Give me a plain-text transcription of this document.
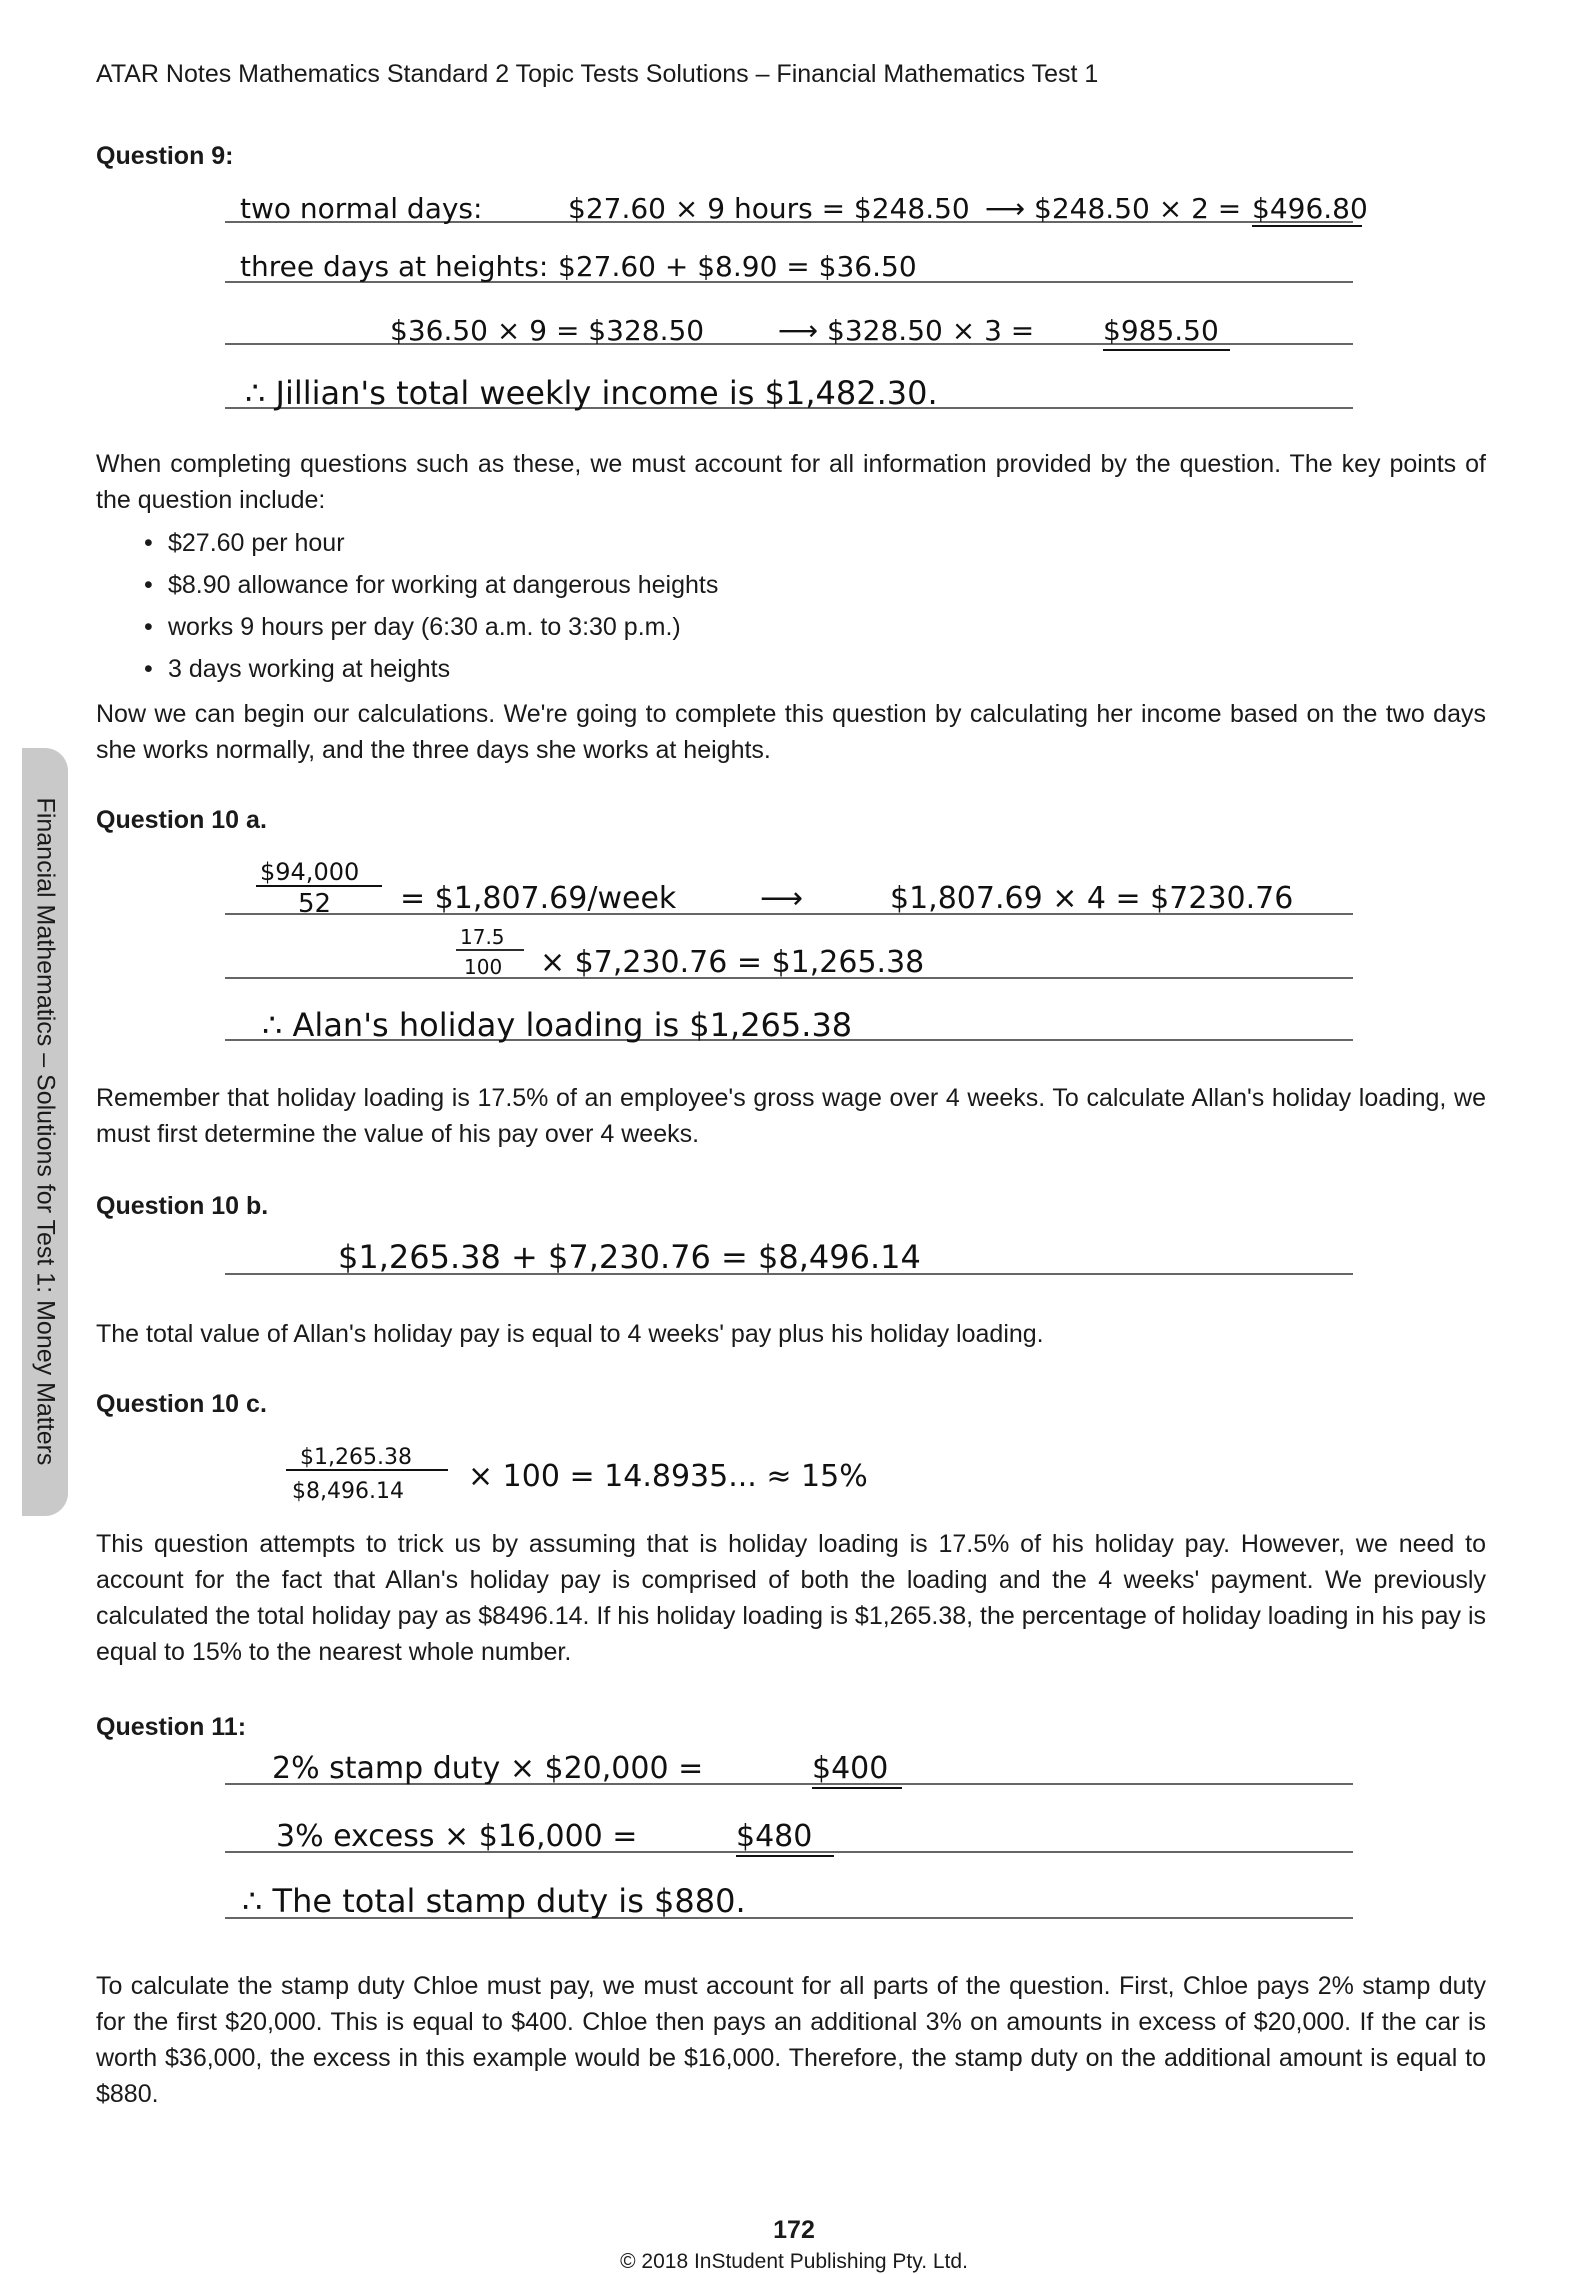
ATAR Notes Mathematics Standard 2 Topic Tests Solutions – Financial Mathematics Test 1
Financial Mathematics – Solutions for Test 1: Money Matters
Question 9:
two normal days:	$27.60 × 9 hours = $248.50 ⟶ $248.50 × 2 = $496.80
three days at heights: $27.60 + $8.90 = $36.50
$36.50 × 9 = $328.50	⟶ $328.50 × 3 = $985.50
∴ Jillian's total weekly income is $1,482.30.
When completing questions such as these, we must account for all information provided by the question. The key points of the question include:
• $27.60 per hour
• $8.90 allowance for working at dangerous heights
• works 9 hours per day (6:30 a.m. to 3:30 p.m.)
• 3 days working at heights
Now we can begin our calculations. We're going to complete this question by calculating her income based on the two days she works normally, and the three days she works at heights.
Question 10 a.
$94,000
52 = $1,807.69/week	⟶	$1,807.69 × 4 = $7230.76
17.5
100 × $7,230.76 = $1,265.38
∴ Alan's holiday loading is $1,265.38
Remember that holiday loading is 17.5% of an employee's gross wage over 4 weeks. To calculate Allan's holiday loading, we must first determine the value of his pay over 4 weeks.
Question 10 b.
$1,265.38 + $7,230.76 = $8,496.14
The total value of Allan's holiday pay is equal to 4 weeks' pay plus his holiday loading.
Question 10 c.
$1,265.38
$8,496.14 × 100 = 14.8935... ≈ 15%
This question attempts to trick us by assuming that is holiday loading is 17.5% of his holiday pay. However, we need to account for the fact that Allan's holiday pay is comprised of both the loading and the 4 weeks' payment. We previously calculated the total holiday pay as $8496.14. If his holiday loading is $1,265.38, the percentage of holiday loading in his pay is equal to 15% to the nearest whole number.
Question 11:
2% stamp duty × $20,000 =	$400
3% excess × $16,000 =	$480
∴ The total stamp duty is $880.
To calculate the stamp duty Chloe must pay, we must account for all parts of the question. First, Chloe pays 2% stamp duty for the first $20,000. This is equal to $400. Chloe then pays an additional 3% on amounts in excess of $20,000. If the car is worth $36,000, the excess in this example would be $16,000. Therefore, the stamp duty on the additional amount is equal to $880.
172
© 2018 InStudent Publishing Pty. Ltd.
